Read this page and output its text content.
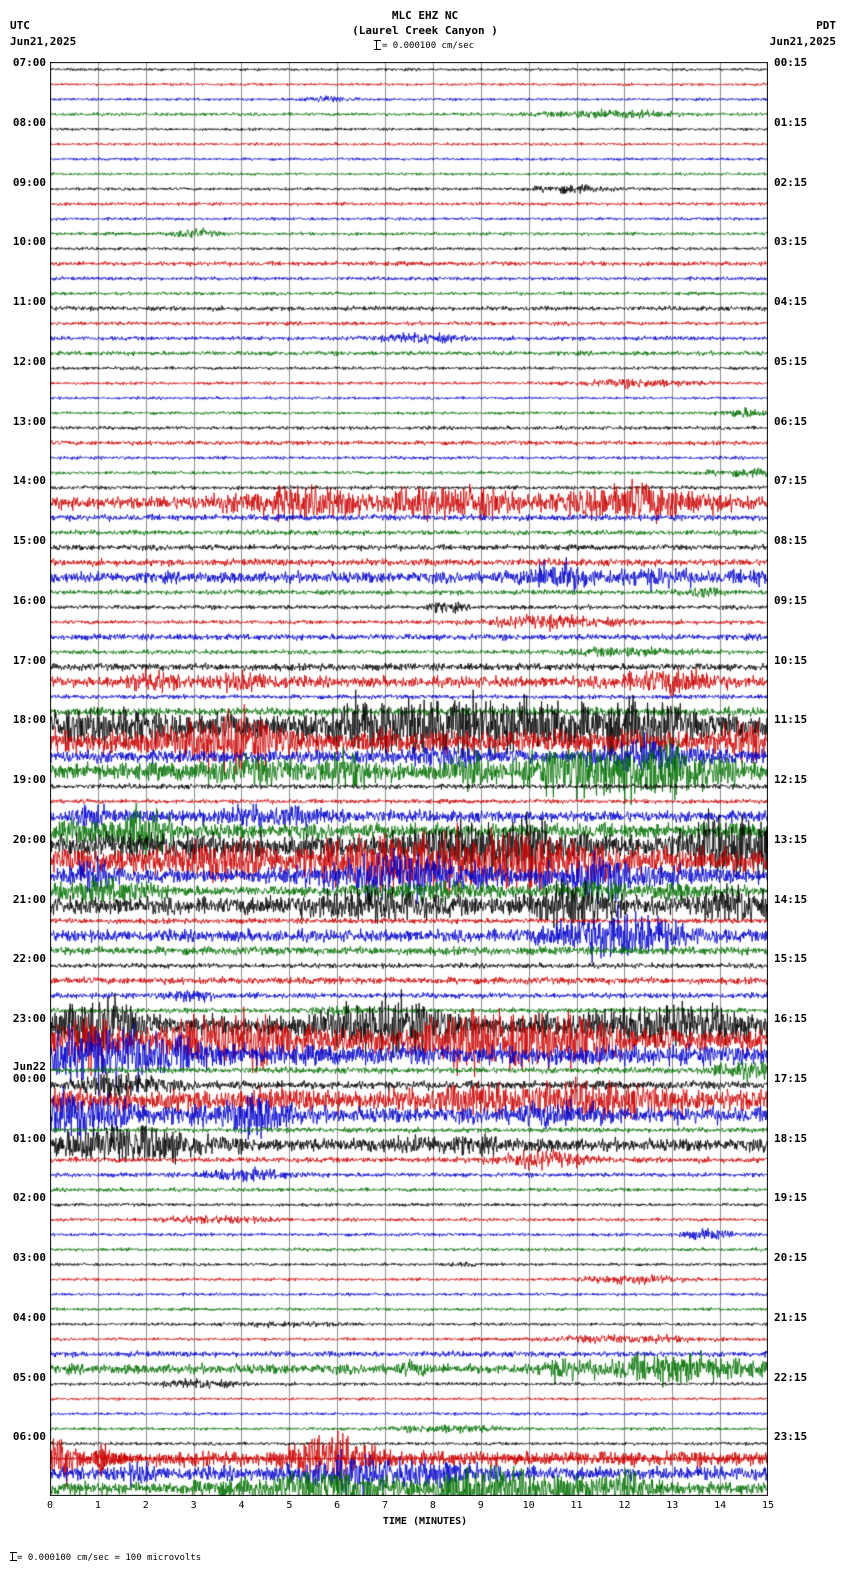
UTC
Jun21,2025
MLC EHZ NC
(Laurel Creek Canyon )	PDT
Jun21,2025
= 0.000100 cm/sec
07:00
08:00
09:00
10:00
11:00
12:00
13:00
14:00
15:00
16:00
17:00
18:00
19:00
20:00
21:00
22:00
23:00
00:00
01:00
02:00
03:00
04:00
05:00
06:00
Jun22
00:15
01:15
02:15
03:15
04:15
05:15
06:15
07:15
08:15
09:15
10:15
11:15
12:15
13:15
14:15
15:15
16:15
17:15
18:15
19:15
20:15
21:15
22:15
23:15
0	1	2	3	4	5	6	7	8	9	10	11	12	13	14	15
TIME (MINUTES)
= 0.000100 cm/sec = 100 microvolts
